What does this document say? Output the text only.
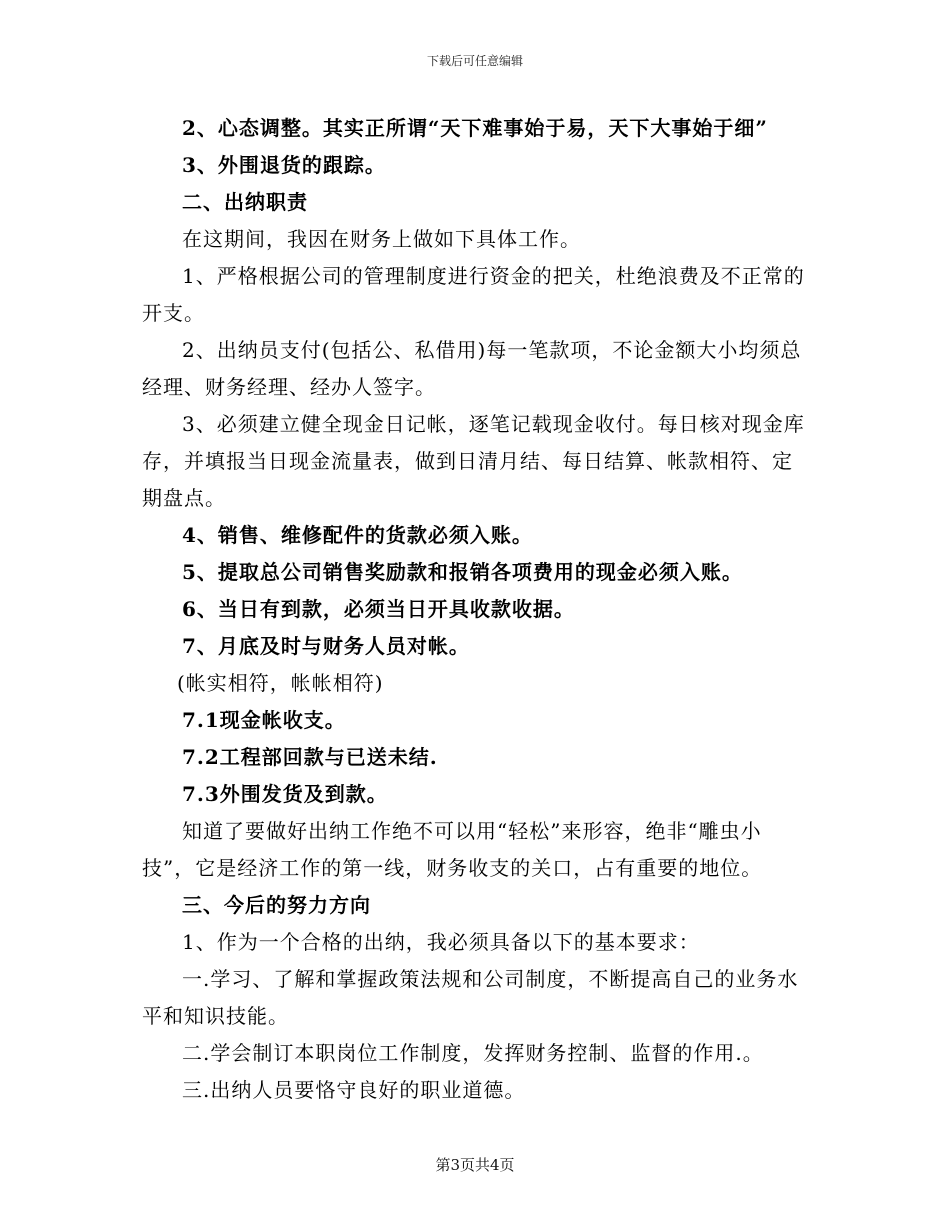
下载后可任意编辑

2、心态调整。其实正所谓“天下难事始于易，天下大事始于细”

3、外围退货的跟踪。

二、出纳职责

在这期间，我因在财务上做如下具体工作。

1、严格根据公司的管理制度进行资金的把关，杜绝浪费及不正常的开支。

2、出纳员支付(包括公、私借用)每一笔款项，不论金额大小均须总经理、财务经理、经办人签字。

3、必须建立健全现金日记帐，逐笔记载现金收付。每日核对现金库存，并填报当日现金流量表，做到日清月结、每日结算、帐款相符、定期盘点。

4、销售、维修配件的货款必须入账。

5、提取总公司销售奖励款和报销各项费用的现金必须入账。

6、当日有到款，必须当日开具收款收据。

7、月底及时与财务人员对帐。

(帐实相符，帐帐相符)

7.1现金帐收支。

7.2工程部回款与已送未结.

7.3外围发货及到款。

知道了要做好出纳工作绝不可以用“轻松”来形容，绝非“雕虫小技”，它是经济工作的第一线，财务收支的关口，占有重要的地位。

三、今后的努力方向

1、作为一个合格的出纳，我必须具备以下的基本要求：

一.学习、了解和掌握政策法规和公司制度，不断提高自己的业务水平和知识技能。

二.学会制订本职岗位工作制度，发挥财务控制、监督的作用.。

三.出纳人员要恪守良好的职业道德。

第3页共4页
